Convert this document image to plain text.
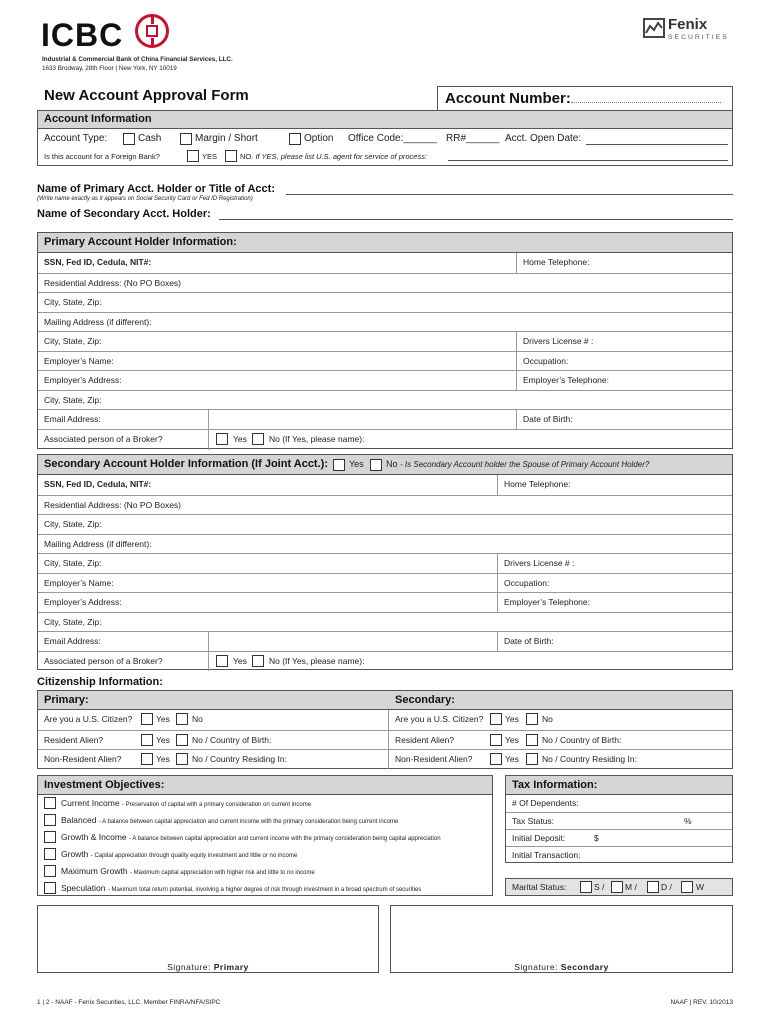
ICBC
Industrial & Commercial Bank of China Financial Services, LLC.
1633 Brodway, 28th Floor | New York, NY 10019
Fenix
SECURITIES
New Account Approval Form	Account Number:
Account Information
Account Type:	Cash	Margin / Short	Option Office Code:______ RR#______ Acct. Open Date:
Is this account for a Foreign Bank?	YES	NO. If YES, please list U.S. agent for service of process:
Name of Primary Acct. Holder or Title of Acct:
(Write name exactly as it appears on Social Security Card or Fed ID Registration)
Name of Secondary Acct. Holder:
Primary Account Holder Information:
SSN, Fed ID, Cedula, NIT#:	Home Telephone:
Residential Address: (No PO Boxes)
City, State, Zip:
Mailing Address (if different):
City, State, Zip:	Drivers License # :
Employer’s Name:	Occupation:
Employer’s Address:	Employer’s Telephone:
City, State, Zip:
Email Address:	Date of Birth:
Associated person of a Broker?	Yes	No (If Yes, please name):
Secondary Account Holder Information (If Joint Acct.):	Yes No - Is Secondary Account holder the Spouse of Primary Account Holder?
SSN, Fed ID, Cedula, NIT#:	Home Telephone:
Residential Address: (No PO Boxes)
City, State, Zip:
Mailing Address (if different):
City, State, Zip:	Drivers License # :
Employer’s Name:	Occupation:
Employer’s Address:	Employer’s Telephone:
City, State, Zip:
Email Address:	Date of Birth:
Associated person of a Broker?	Yes	No (If Yes, please name):
Citizenship Information:
Primary:	Secondary:
Are you a U.S. Citizen?	Yes	No	Are you a U.S. Citizen?	Yes	No
Resident Alien?	Yes	No / Country of Birth:	Resident Alien?	Yes	No / Country of Birth:
Non-Resident Alien?	Yes	No / Country Residing In:	Non-Resident Alien?	Yes	No / Country Residing In:
Investment Objectives:
Current Income - Preservation of capital with a primary consideration on current income
Balanced - A balance between capital appreciation and current income with the primary consideration being current income
Growth & Income - A balance between capital appreciation and current income with the primary consideration being capital appreciation
Growth - Capital appreciation through quality equity investment and little or no income
Maximum Growth - Maximum capital appreciation with higher risk and little to no income
Speculation - Maximum total return potential, involving a higher degree of risk through investment in a broad spectrum of securities
Tax Information:
# Of Dependents:
Tax Status:	%
Initial Deposit:	$
Initial Transaction:
Marital Status:	S / M /	D /	W
Signature: Primary	Signature: Secondary
1 | 2 - NAAF - Fenix Securities, LLC. Member FINRA/NFA/SIPC	NAAF | REV. 10/2013
